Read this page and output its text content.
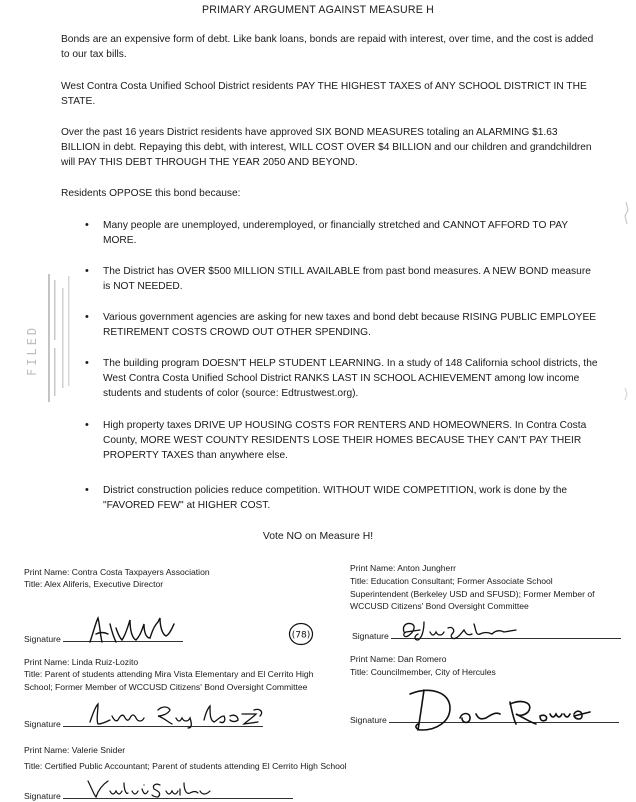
PRIMARY ARGUMENT AGAINST MEASURE H
Bonds are an expensive form of debt. Like bank loans, bonds are repaid with interest, over time, and the cost is added to our tax bills.
West Contra Costa Unified School District residents PAY THE HIGHEST TAXES of ANY SCHOOL DISTRICT IN THE STATE.
Over the past 16 years District residents have approved SIX BOND MEASURES totaling an ALARMING $1.63 BILLION in debt. Repaying this debt, with interest, WILL COST OVER $4 BILLION and our children and grandchildren will PAY THIS DEBT THROUGH THE YEAR 2050 AND BEYOND.
Residents OPPOSE this bond because:
• Many people are unemployed, underemployed, or financially stretched and CANNOT AFFORD TO PAY MORE.
• The District has OVER $500 MILLION STILL AVAILABLE from past bond measures. A NEW BOND measure is NOT NEEDED.
• Various government agencies are asking for new taxes and bond debt because RISING PUBLIC EMPLOYEE RETIREMENT COSTS CROWD OUT OTHER SPENDING.
• The building program DOESN'T HELP STUDENT LEARNING. In a study of 148 California school districts, the West Contra Costa Unified School District RANKS LAST IN SCHOOL ACHIEVEMENT among low income students and students of color (source: Edtrustwest.org).
• High property taxes DRIVE UP HOUSING COSTS FOR RENTERS AND HOMEOWNERS. In Contra Costa County, MORE WEST COUNTY RESIDENTS LOSE THEIR HOMES BECAUSE THEY CAN'T PAY THEIR PROPERTY TAXES than anywhere else.
• District construction policies reduce competition. WITHOUT WIDE COMPETITION, work is done by the "FAVORED FEW" at HIGHER COST.
Vote NO on Measure H!
Print Name: Contra Costa Taxpayers Association
Title: Alex Aliferis, Executive Director
Signature
Print Name: Linda Ruiz-Lozito
Title: Parent of students attending Mira Vista Elementary and El Cerrito High School; Former Member of WCCUSD Citizens' Bond Oversight Committee
Signature
Print Name: Valerie Snider
Title: Certified Public Accountant; Parent of students attending El Cerrito High School
Signature
Print Name: Anton Jungherr
Title: Education Consultant; Former Associate School Superintendent (Berkeley USD and SFUSD); Former Member of WCCUSD Citizens' Bond Oversight Committee
Signature
Print Name: Dan Romero
Title: Councilmember, City of Hercules
Signature
(78)
FILED
